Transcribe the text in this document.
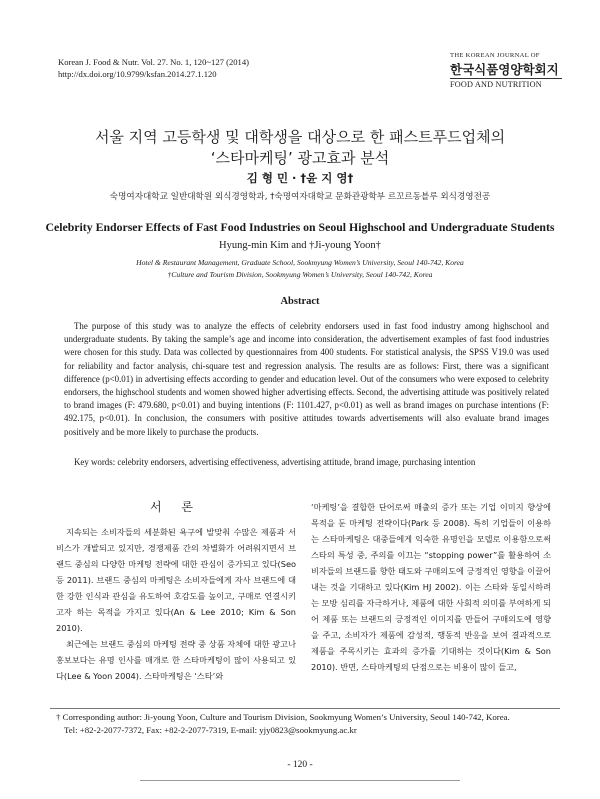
Korean J. Food & Nutr. Vol. 27. No. 1, 120~127 (2014)
http://dx.doi.org/10.9799/ksfan.2014.27.1.120
THE KOREAN JOURNAL OF
한국식품영양학회지
FOOD AND NUTRITION
서울 지역 고등학생 및 대학생을 대상으로 한 패스트푸드업체의
‘스타마케팅’ 광고효과 분석
김 형 민 · †윤 지 영†
숙명여자대학교 일반대학원 외식경영학과, †숙명여자대학교 문화관광학부 르꼬르동블루 외식경영전공
Celebrity Endorser Effects of Fast Food Industries on Seoul Highschool and Undergraduate Students
Hyung-min Kim and †Ji-young Yoon†
Hotel & Restaurant Management, Graduate School, Sookmyung Women’s University, Seoul 140-742, Korea
†Culture and Tourism Division, Sookmyung Women’s University, Seoul 140-742, Korea
Abstract
The purpose of this study was to analyze the effects of celebrity endorsers used in fast food industry among highschool and undergraduate students. By taking the sample’s age and income into consideration, the advertisement examples of fast food industries were chosen for this study. Data was collected by questionnaires from 400 students. For statistical analysis, the SPSS V19.0 was used for reliability and factor analysis, chi-square test and regression analysis. The results are as follows: First, there was a significant difference (p<0.01) in advertising effects according to gender and education level. Out of the consumers who were exposed to celebrity endorsers, the highschool students and women showed higher advertising effects. Second, the advertising attitude was positively related to brand images (F: 479.680, p<0.01) and buying intentions (F: 1101.427, p<0.01) as well as brand images on purchase intentions (F: 492.175, p<0.01). In conclusion, the consumers with positive attitudes towards advertisements will also evaluate brand images positively and be more likely to purchase the products.
Key words: celebrity endorsers, advertising effectiveness, advertising attitude, brand image, purchasing intention
서 론

지속되는 소비자들의 세분화된 욕구에 발맞춰 수많은 제품과 서비스가 개발되고 있지만, 경쟁제품 간의 차별화가 어려워지면서 브랜드 중심의 다양한 마케팅 전략에 대한 관심이 증가되고 있다(Seo 등 2011). 브랜드 중심의 마케팅은 소비자들에게 자사 브랜드에 대한 강한 인식과 관심을 유도하여 호감도를 높이고, 구매로 연결시키고자 하는 목적을 가지고 있다(An & Lee 2010; Kim & Son 2010).

최근에는 브랜드 중심의 마케팅 전략 중 상품 자체에 대한 광고나 홍보보다는 유명 인사를 매개로 한 스타마케팅이 많이 사용되고 있다(Lee & Yoon 2004). 스타마케팅은 ‘스타’와

‘마케팅’을 결합한 단어로써 매출의 증가 또는 기업 이미지 향상에 목적을 둔 마케팅 전략이다(Park 등 2008). 특히 기업들이 이용하는 스타마케팅은 대중들에게 익숙한 유명인을 모델로 이용함으로써 스타의 특성 중, 주의를 이끄는 “stopping power”를 활용하여 소비자들의 브랜드를 향한 태도와 구매의도에 긍정적인 영향을 이끌어 내는 것을 기대하고 있다(Kim HJ 2002). 이는 스타와 동일시하려는 모방 심리를 자극하거나, 제품에 대한 사회적 의미를 부여하게 되어 제품 또는 브랜드의 긍정적인 이미지를 만들어 구매의도에 영향을 주고, 소비자가 제품에 감성적, 행동적 반응을 보여 결과적으로 제품을 주목시키는 효과의 증가를 기대하는 것이다(Kim & Son 2010). 반면, 스타마케팅의 단점으로는 비용이 많이 들고,

† Corresponding author: Ji-young Yoon, Culture and Tourism Division, Sookmyung Women’s University, Seoul 140-742, Korea.
Tel: +82-2-2077-7372, Fax: +82-2-2077-7319, E-mail: yjy0823@sookmyung.ac.kr
- 120 -
